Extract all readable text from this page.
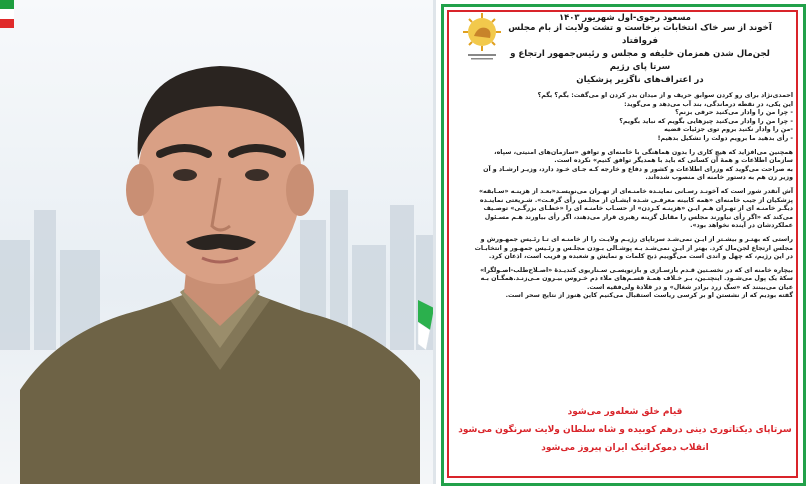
مسعود رجوی-اول شهریور ۱۴۰۳
آخوند از سر خاک انتخابات برخاست و تشت ولایت از بام مجلس فروافتاد
لجن‌مال شدن همزمان خلیفه و مجلس و رئیس‌جمهور ارتجاع و سرتا پای رژیم
در اعتراف‌های ناگزیر پزشکیان
احمدی‌نژاد برای رو کردن سوابق حریف و از میدان بدر کردن او می‌گفت: بگم؟ بگم؟
این یکی، در نقطه درماندگی، بند آب می‌دهد و می‌گوید:
- چرا من را وادار می‌کنید حرفی بزنم؟
- چرا من را وادار می‌کنید چیزهایی بگویم که نباید بگویم؟
-من را وادار نکنید بروم توی جزئیات قضیه
- رأی بدهید ما برویم دولت را تشکیل بدهیم!
همچنین می‌افزاید که هیچ کاری را بدون هماهنگی با خامنه‌ای و توافق «سازمان‌های امنیتی، سپاه،
سازمان اطلاعات و همهٔ آن کسانی که باید با همدیگر توافق کنیم» نکرده است.
به صراحت می‌گوید که وزرای اطلاعات و کشور و دفاع و خارجه کـه جـای خـود دارد، وزیـر ارشـاد و آن
وزیر زن هم به دستور خامنه ای منصوب شده‌اند.
آش آنقدر شور است که آخونـد رسـانی نماینـده خامنـه‌ای از تهـران می‌نویسـد«بعـد از هزینـه «سـابقه»
پزشکیان از جیب خامنه‌ای «همه کابینه معرفـی شـده ایشـان از مجلـس رأی گرفـت». شـریعتی نماینـده
دیگـر خامنـه ای از تهـران هـم ایـن «هزینـه کـردن» از حسـاب خامنـه ای را «خطـای بزرگـی» توصـیف
می‌کند که «اگر رأی نیاورند مجلس را مقابل گزینه رهبری قرار می‌دهند، اگر رأی بیاورند هـم مسـئول
عملکردشان در آینده نخواهد بود».
راستی که بهتـر و بیشـتر از ایـن نمی‌شـد سرتاپای رژیـم ولایـت را از خامنـه ای تـا رئـیس جمهـورش و
مجلس ارتجاع لجن‌مال کرد. بهتر از ایـن نمی‌شـد بـه پوشـالی بـودن مجلـس و رئـیس جمهـور و انتخابـات
در این رژیم، که چهل و اندی است می‌گوییم ذبح کلمات و نمایش و شعبده و فریب است، اذعان کرد.
بیچاره خامنه ای که در نخسـتین قـدم بازسـازی و بازنویسـی سـناریوی کندیـدهٔ «اصـلاح‌طلب-اصـولگرا»
سکهٔ یک پول می‌شـود. اینچنـین، بـر خـلاف همـهٔ قسـم‌های ملاء دم خـروس بیـرون مـی‌زنـد.همگـان بـه
عیان می‌بینند که «سگ زرد برادر شغال» و در قلادهٔ ولی‌فقیه است.
گفته بودیم که از نشستن او بر کرسی ریاست استقبال می‌کنیم کاین هنوز از نتایج سحر است.
قیام خلق شعله‌ور می‌شود
سرتاپای دیکتاتوری دینی درهم کوبیده و شاه سلطان ولایت سرنگون می‌شود
انقلاب دموکراتیک ایران پیروز می‌شود
